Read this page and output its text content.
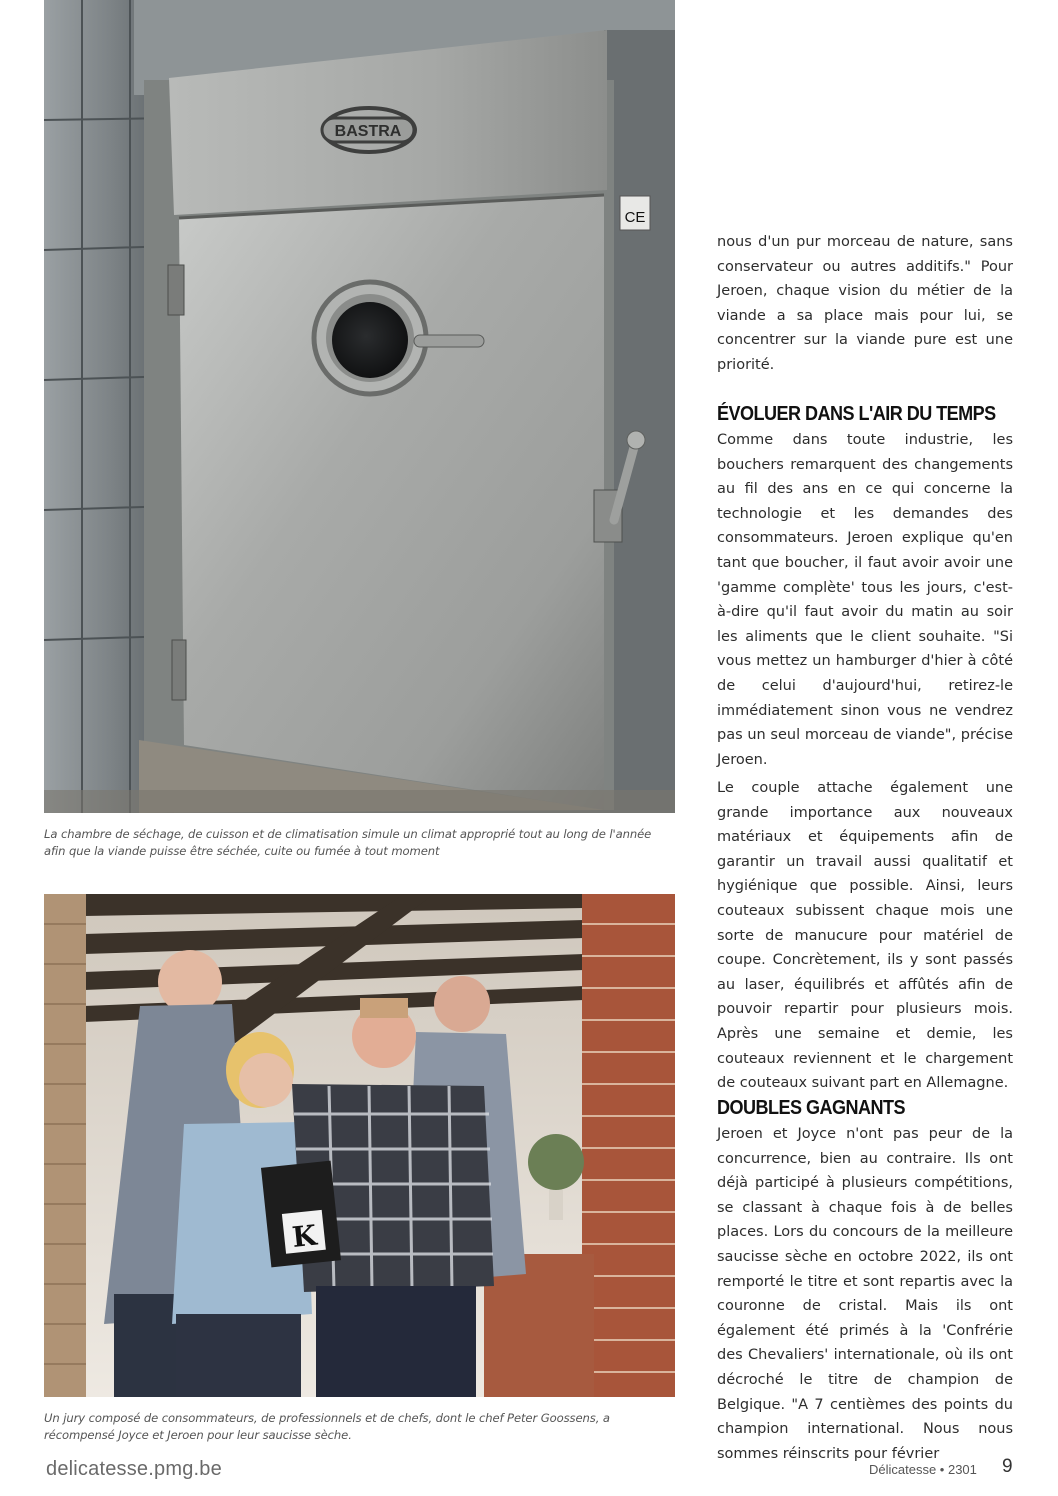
BASTRA
CE
La chambre de séchage, de cuisson et de climatisation simule un climat approprié tout au long de l'année afin que la viande puisse être séchée, cuite ou fumée à tout moment
K
Un jury composé de consommateurs, de professionnels et de chefs, dont le chef Peter Goossens, a récompensé Joyce et Jeroen pour leur saucisse sèche.

nous d'un pur morceau de nature, sans conservateur ou autres additifs." Pour Jeroen, chaque vision du métier de la viande a sa place mais pour lui, se concentrer sur la viande pure est une priorité.

ÉVOLUER DANS L'AIR DU TEMPS

Comme dans toute industrie, les bouchers remarquent des changements au fil des ans en ce qui concerne la technologie et les demandes des consommateurs. Jeroen explique qu'en tant que boucher, il faut avoir avoir une 'gamme complète' tous les jours, c'est-à-dire qu'il faut avoir du matin au soir les aliments que le client souhaite. "Si vous mettez un hamburger d'hier à côté de celui d'aujourd'hui, retirez-le immédiatement sinon vous ne vendrez pas un seul morceau de viande", précise Jeroen.

Le couple attache également une grande importance aux nouveaux matériaux et équipements afin de garantir un travail aussi qualitatif et hygiénique que possible. Ainsi, leurs couteaux subissent chaque mois une sorte de manucure pour matériel de coupe. Concrètement, ils y sont passés au laser, équilibrés et affûtés afin de pouvoir repartir pour plusieurs mois. Après une semaine et demie, les couteaux reviennent et le chargement de couteaux suivant part en Allemagne.

DOUBLES GAGNANTS

Jeroen et Joyce n'ont pas peur de la concurrence, bien au contraire. Ils ont déjà participé à plusieurs compétitions, se classant à chaque fois à de belles places. Lors du concours de la meilleure saucisse sèche en octobre 2022, ils ont remporté le titre et sont repartis avec la couronne de cristal. Mais ils ont également été primés à la 'Confrérie des Chevaliers' internationale, où ils ont décroché le titre de champion de Belgique. "A 7 centièmes des points du champion international. Nous nous sommes réinscrits pour février

delicatesse.pmg.be	Délicatesse • 2301 9
